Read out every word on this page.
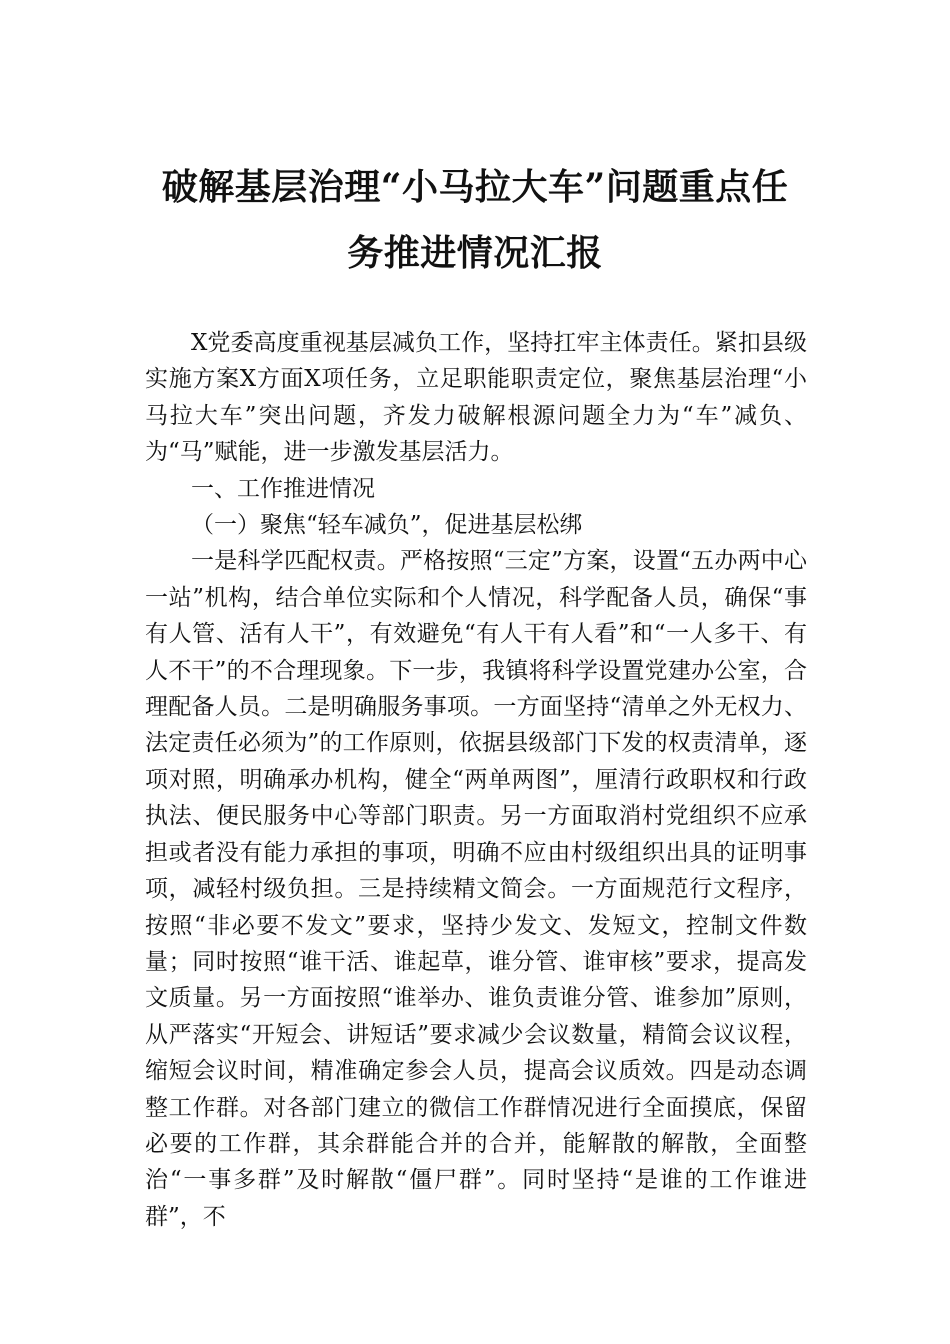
破解基层治理“小马拉大车”问题重点任
务推进情况汇报

X党委高度重视基层减负工作，坚持扛牢主体责任。紧扣县级实施方案X方面X项任务，立足职能职责定位，聚焦基层治理“小马拉大车”突出问题，齐发力破解根源问题全力为“车”减负、为“马”赋能，进一步激发基层活力。

一、工作推进情况
（一）聚焦“轻车减负”，促进基层松绑

一是科学匹配权责。严格按照“三定”方案，设置“五办两中心一站”机构，结合单位实际和个人情况，科学配备人员，确保“事有人管、活有人干”，有效避免“有人干有人看”和“一人多干、有人不干”的不合理现象。下一步，我镇将科学设置党建办公室，合理配备人员。二是明确服务事项。一方面坚持“清单之外无权力、法定责任必须为”的工作原则，依据县级部门下发的权责清单，逐项对照，明确承办机构，健全“两单两图”，厘清行政职权和行政执法、便民服务中心等部门职责。另一方面取消村党组织不应承担或者没有能力承担的事项，明确不应由村级组织出具的证明事项，减轻村级负担。三是持续精文简会。一方面规范行文程序，按照“非必要不发文”要求，坚持少发文、发短文，控制文件数量；同时按照“谁干活、谁起草，谁分管、谁审核”要求，提高发文质量。另一方面按照“谁举办、谁负责谁分管、谁参加”原则，从严落实“开短会、讲短话”要求减少会议数量，精简会议议程，缩短会议时间，精准确定参会人员，提高会议质效。四是动态调整工作群。对各部门建立的微信工作群情况进行全面摸底，保留必要的工作群，其余群能合并的合并，能解散的解散，全面整治“一事多群”及时解散“僵尸群”。同时坚持“是谁的工作谁进群”，不
